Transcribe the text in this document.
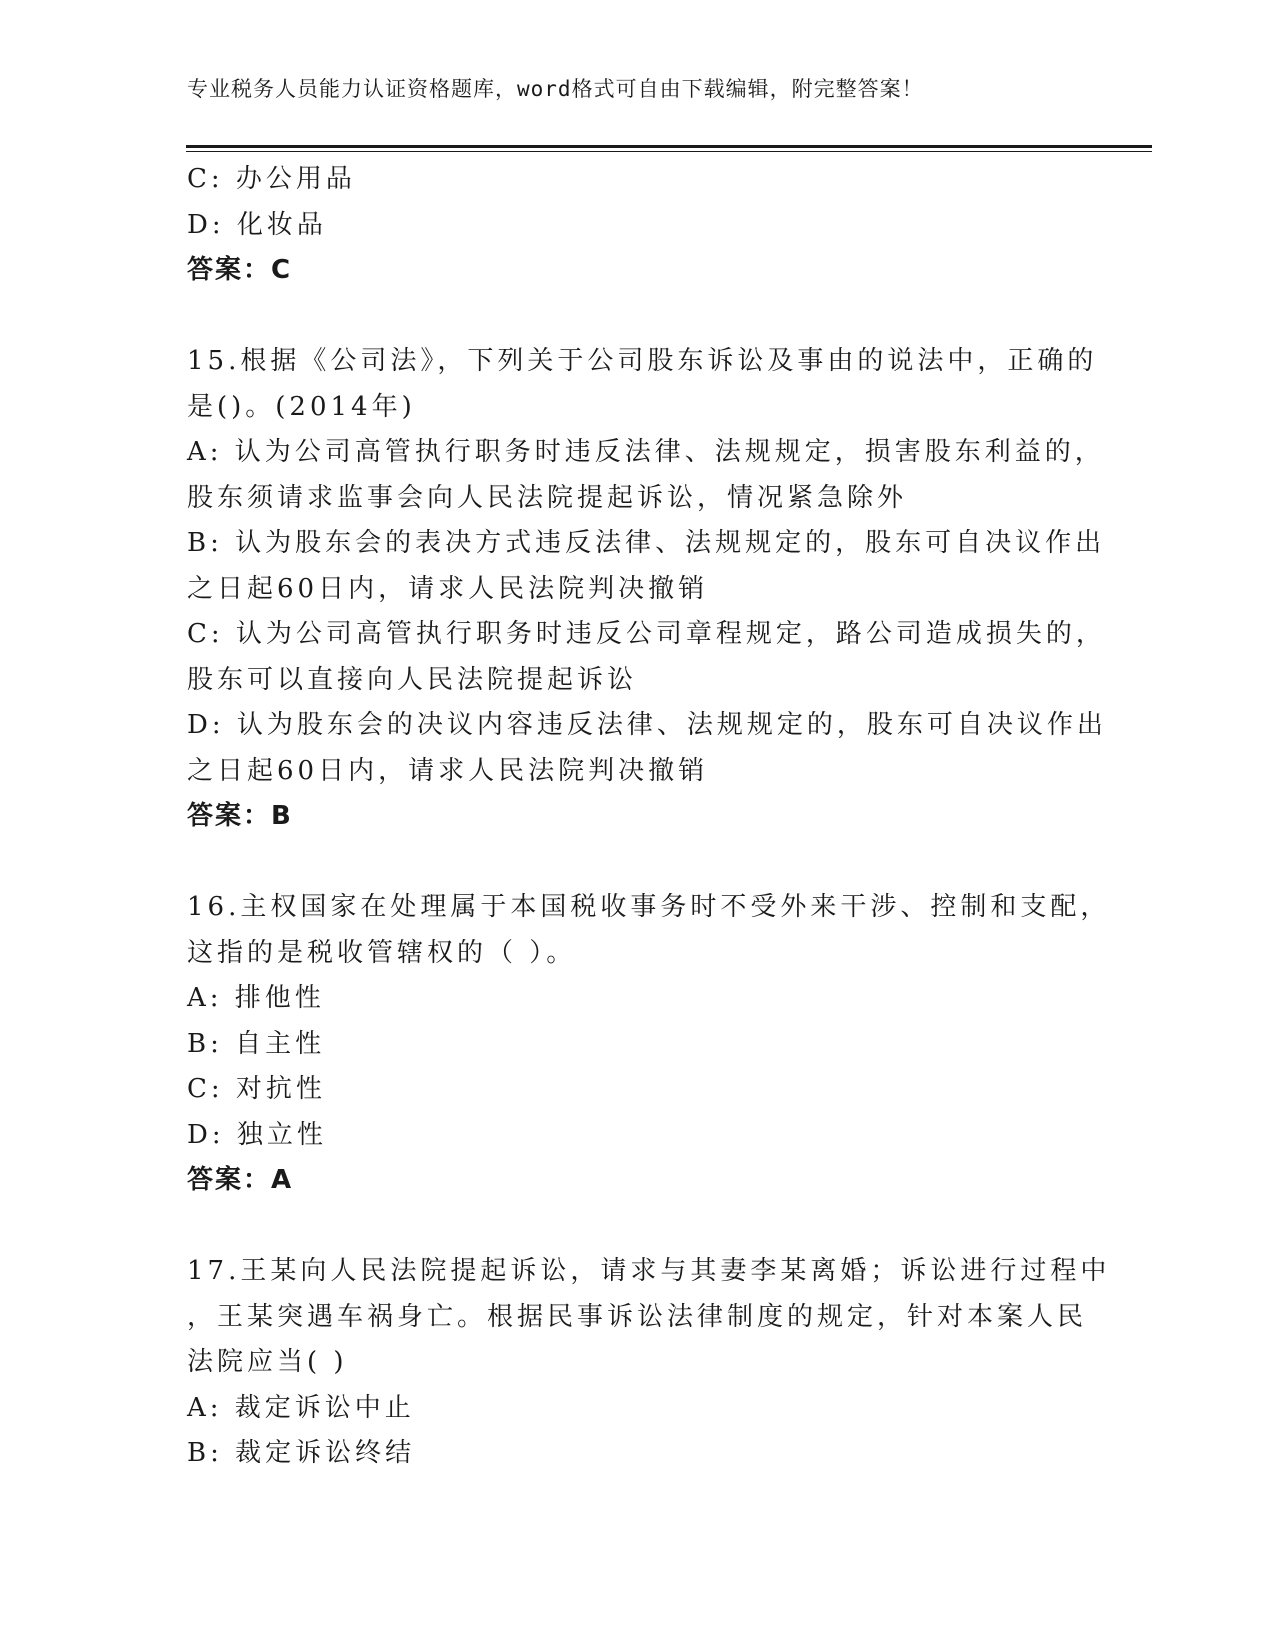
专业税务人员能力认证资格题库，word格式可自由下载编辑，附完整答案！
C: 办公用品
D: 化妆品
答案：C
15.根据《公司法》，下列关于公司股东诉讼及事由的说法中，正确的
是()。(2014年)
A: 认为公司高管执行职务时违反法律、法规规定，损害股东利益的，
股东须请求监事会向人民法院提起诉讼，情况紧急除外
B: 认为股东会的表决方式违反法律、法规规定的，股东可自决议作出
之日起60日内，请求人民法院判决撤销
C: 认为公司高管执行职务时违反公司章程规定，路公司造成损失的，
股东可以直接向人民法院提起诉讼
D: 认为股东会的决议内容违反法律、法规规定的，股东可自决议作出
之日起60日内，请求人民法院判决撤销
答案：B
16.主权国家在处理属于本国税收事务时不受外来干涉、控制和支配，
这指的是税收管辖权的（ ）。
A: 排他性
B: 自主性
C: 对抗性
D: 独立性
答案：A
17.王某向人民法院提起诉讼，请求与其妻李某离婚；诉讼进行过程中
，王某突遇车祸身亡。根据民事诉讼法律制度的规定，针对本案人民
法院应当( )
A: 裁定诉讼中止
B: 裁定诉讼终结
